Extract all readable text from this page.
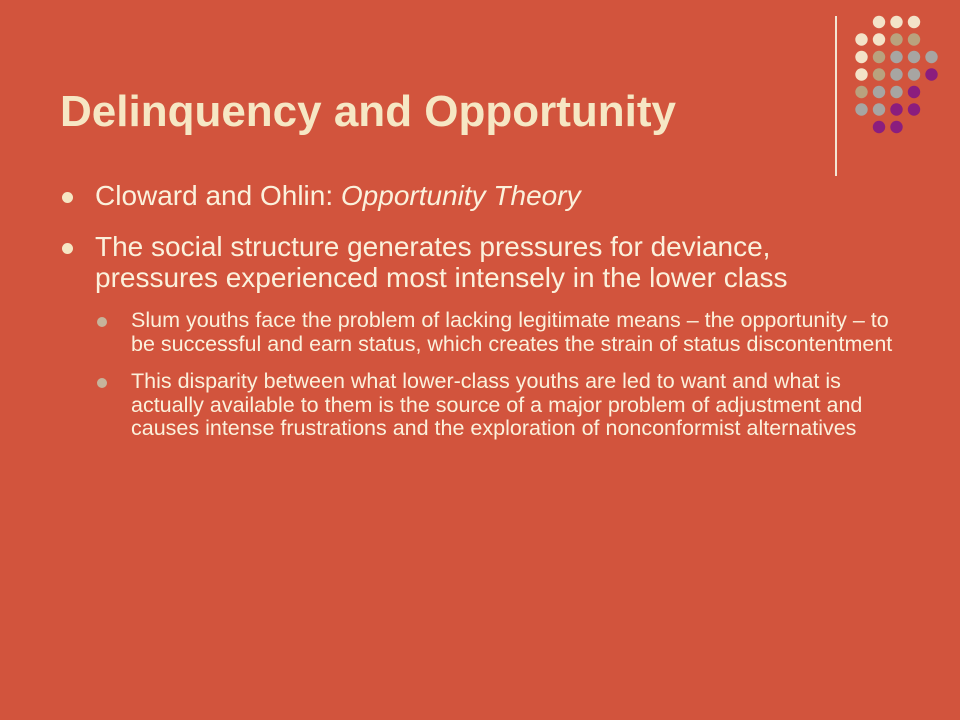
Delinquency and Opportunity
Cloward and Ohlin: Opportunity Theory
The social structure generates pressures for deviance, pressures experienced most intensely in the lower class
Slum youths face the problem of lacking legitimate means – the opportunity – to be successful and earn status, which creates the strain of status discontentment
This disparity between what lower-class youths are led to want and what is actually available to them is the source of a major problem of adjustment and causes intense frustrations and the exploration of nonconformist alternatives
